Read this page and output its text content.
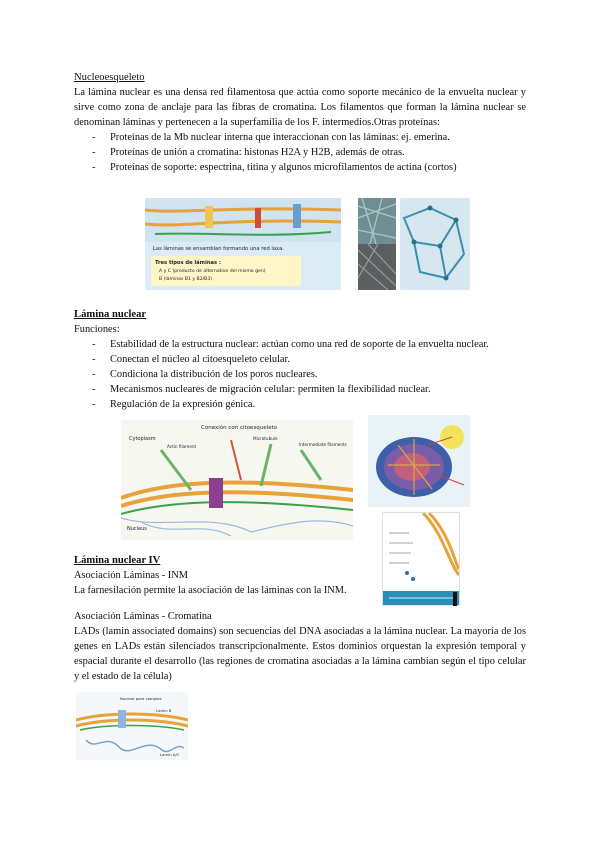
Nucleoesqueleto

La lámina nuclear es una densa red filamentosa que actúa como soporte mecánico de la envuelta nuclear y sirve como zona de anclaje para las fibras de cromatina. Los filamentos que forman la lámina nuclear se denominan láminas y pertenecen a la superfamilia de los F. intermedios.Otras proteínas:

- Proteínas de la Mb nuclear interna que interaccionan con las láminas: ej. emerina.
- Proteínas de unión a cromatina: histonas H2A y H2B, además de otras.
- Proteínas de soporte: espectrina, titina y algunos microfilamentos de actina (cortos)
Las láminas se ensamblan formando una red laxa.
Tres tipos de láminas :
A y C (producto de alternativo del mismo gen)
B (láminas B1 y B2/B3)

Lámina nuclear

Funciones:

- Estabilidad de la estructura nuclear: actúan como una red de soporte de la envuelta nuclear.
- Conectan el núcleo al citoesqueleto celular.
- Condiciona la distribución de los poros nucleares.
- Mecanismos nucleares de migración celular: permiten la flexibilidad nuclear.
- Regulación de la expresión génica.
Conexión con citoesqueleto
Cytoplasm
Actin filament
Microtubule
Intermediate filaments
Nucleus

Lámina nuclear IV

Asociación Láminas - INM

La farnesilación permite la asociación de las láminas con la INM.

Asociación Láminas - Cromatina

LADs (lamin associated domains) son secuencias del DNA asociadas a la lámina nuclear. La mayoría de los genes en LADs están silenciados transcripcionalmente. Estos dominios orquestan la expresión temporal y espacial durante el desarrollo (las regiones de cromatina asociadas a la lámina cambian según el tipo celular y el estado de la célula)

Nuclear pore complex
Lamin B
Lamin A/C
